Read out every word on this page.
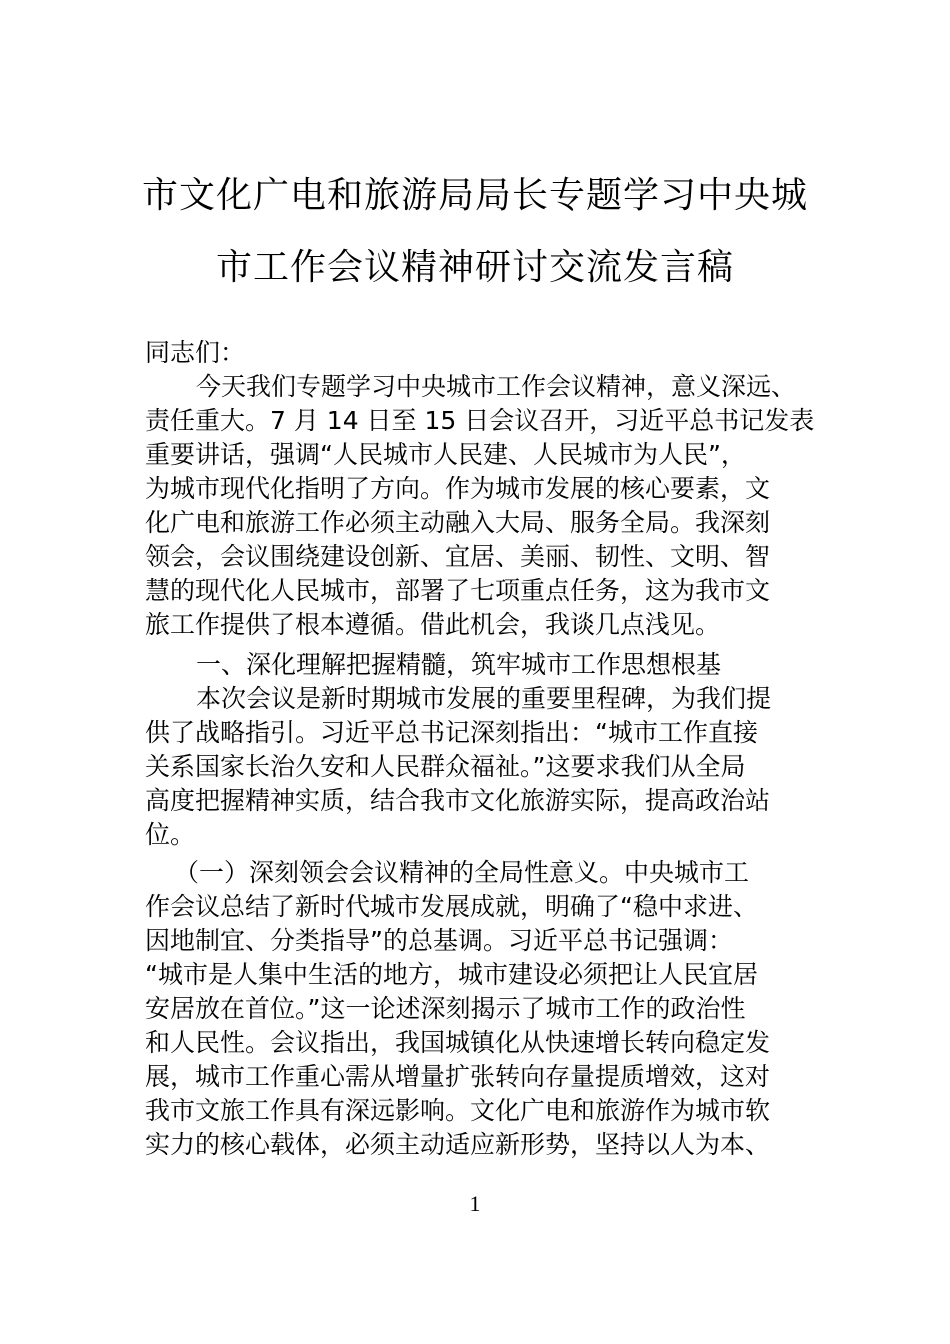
市文化广电和旅游局局长专题学习中央城
市工作会议精神研讨交流发言稿
同志们：
今天我们专题学习中央城市工作会议精神，意义深远、
责任重大。7 月 14 日至 15 日会议召开，习近平总书记发表
重要讲话，强调“人民城市人民建、人民城市为人民”，
为城市现代化指明了方向。作为城市发展的核心要素，文
化广电和旅游工作必须主动融入大局、服务全局。我深刻
领会，会议围绕建设创新、宜居、美丽、韧性、文明、智
慧的现代化人民城市，部署了七项重点任务，这为我市文
旅工作提供了根本遵循。借此机会，我谈几点浅见。
一、深化理解把握精髓，筑牢城市工作思想根基
本次会议是新时期城市发展的重要里程碑，为我们提
供了战略指引。习近平总书记深刻指出：“城市工作直接
关系国家长治久安和人民群众福祉。”这要求我们从全局
高度把握精神实质，结合我市文化旅游实际，提高政治站
位。
（一）深刻领会会议精神的全局性意义。中央城市工
作会议总结了新时代城市发展成就，明确了“稳中求进、
因地制宜、分类指导”的总基调。习近平总书记强调：
“城市是人集中生活的地方，城市建设必须把让人民宜居
安居放在首位。”这一论述深刻揭示了城市工作的政治性
和人民性。会议指出，我国城镇化从快速增长转向稳定发
展，城市工作重心需从增量扩张转向存量提质增效，这对
我市文旅工作具有深远影响。文化广电和旅游作为城市软
实力的核心载体，必须主动适应新形势，坚持以人为本、
1
